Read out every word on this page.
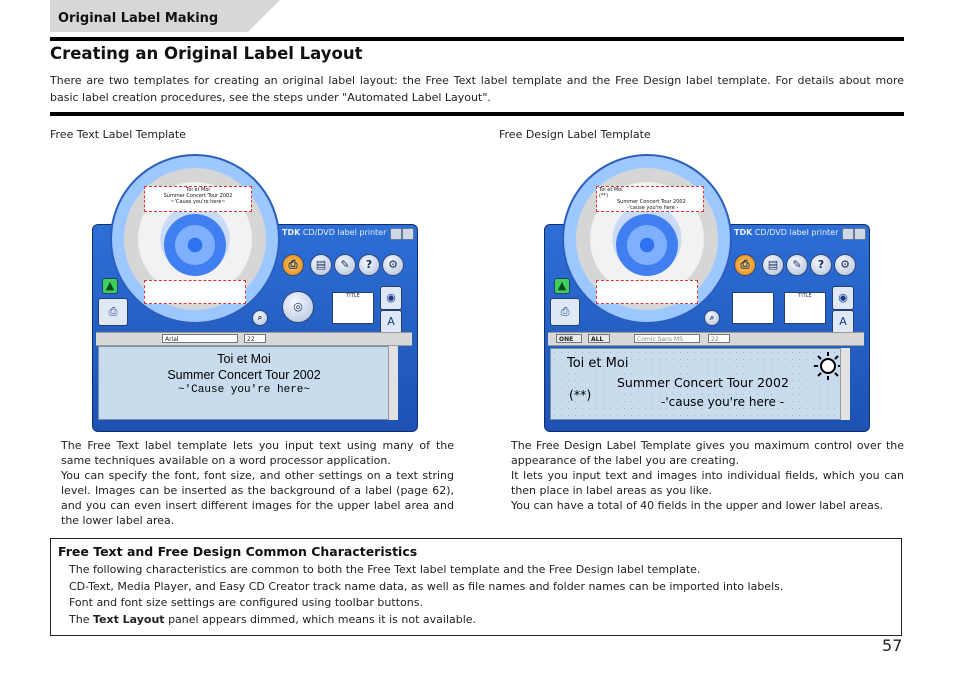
Original Label Making
Creating an Original Label Layout
There are two templates for creating an original label layout: the Free Text label template and the Free Design label template. For details about more basic label creation procedures, see the steps under "Automated Label Layout".
Free Text Label Template	Free Design Label Template
Toi et Moi
Summer Concert Tour 2002
~'Cause you're here~
TDK CD/DVD label printer
⎙	▤	✎	?	⚙
▲
⎙	◎
TITLE	◉
A
⌕
Arial	22
Toi et Moi
Summer Concert Tour 2002
~'Cause you're here~
Toi et Moi
(**)
Summer Concert Tour 2002
-'cause you're here -
TDK CD/DVD label printer
⎙	▤	✎	?	⚙
▲
⎙
TITLE	◉
A
⌕
ONE	ALL	Comic Sans MS	22
Toi et Moi
Summer Concert Tour 2002
(**)	-'cause you're here -

The Free Text label template lets you input text using many of the same techniques available on a word processor application.

You can specify the font, font size, and other settings on a text string level. Images can be inserted as the background of a label (page 62), and you can even insert different images for the upper label area and the lower label area.

The Free Design Label Template gives you maximum control over the appearance of the label you are creating.

It lets you input text and images into individual fields, which you can then place in label areas as you like.

You can have a total of 40 fields in the upper and lower label areas.

Free Text and Free Design Common Characteristics
The following characteristics are common to both the Free Text label template and the Free Design label template.
CD-Text, Media Player, and Easy CD Creator track name data, as well as file names and folder names can be imported into labels.
Font and font size settings are configured using toolbar buttons.
The Text Layout panel appears dimmed, which means it is not available.
57
